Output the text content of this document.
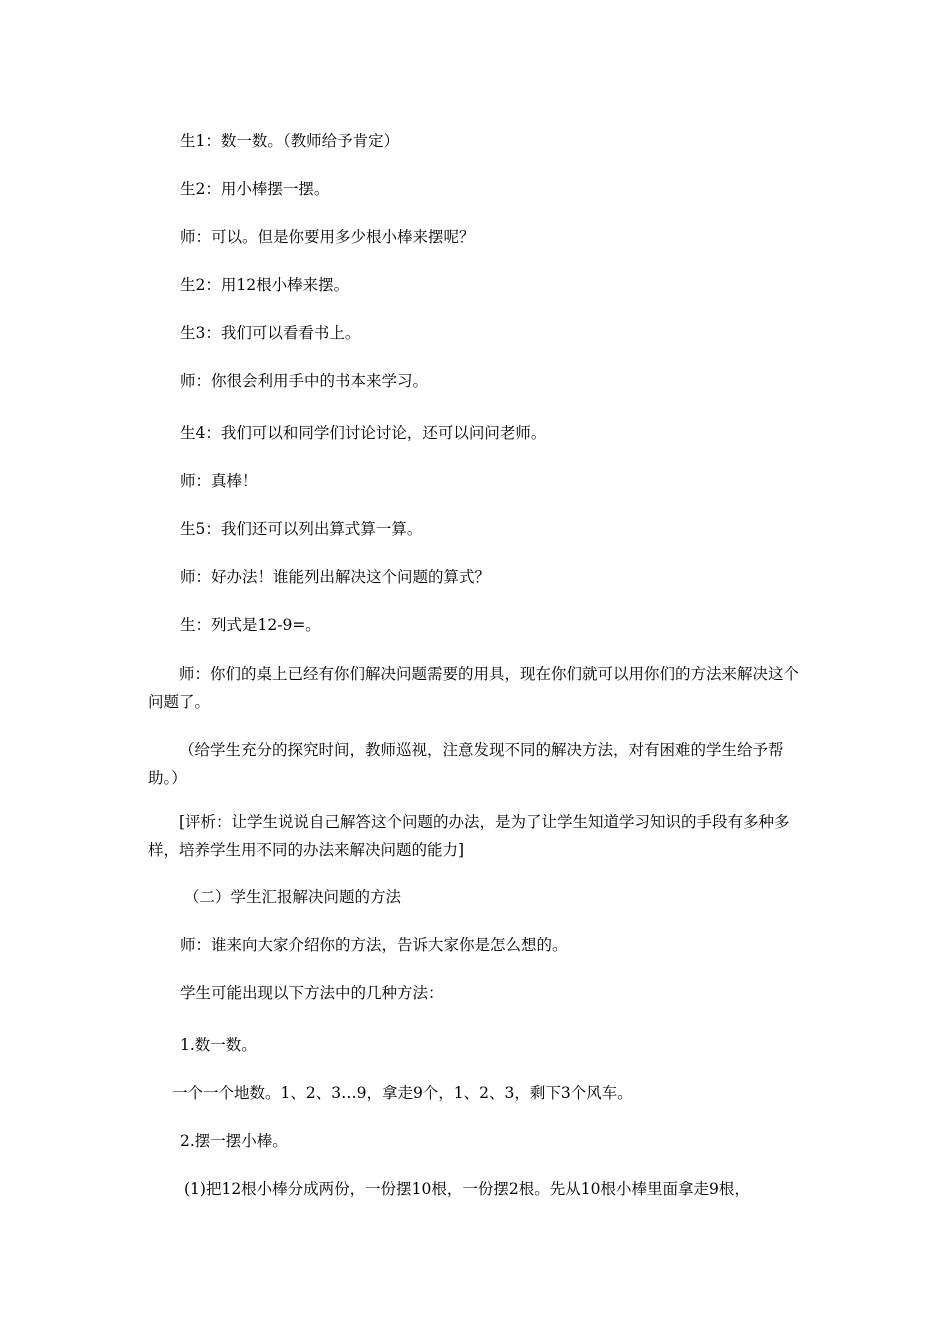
生1：数一数。（教师给予肯定）

生2：用小棒摆一摆。

师：可以。但是你要用多少根小棒来摆呢？

生2：用12根小棒来摆。

生3：我们可以看看书上。

师：你很会利用手中的书本来学习。

生4：我们可以和同学们讨论讨论，还可以问问老师。

师：真棒！

生5：我们还可以列出算式算一算。

师：好办法！谁能列出解决这个问题的算式？

生：列式是12-9=。

师：你们的桌上已经有你们解决问题需要的用具，现在你们就可以用你们的方法来解决这个问题了。

（给学生充分的探究时间，教师巡视，注意发现不同的解决方法，对有困难的学生给予帮助。）

[评析：让学生说说自己解答这个问题的办法，是为了让学生知道学习知识的手段有多种多样，培养学生用不同的办法来解决问题的能力]

（二）学生汇报解决问题的方法

师：谁来向大家介绍你的方法，告诉大家你是怎么想的。

学生可能出现以下方法中的几种方法：

1.数一数。

一个一个地数。1、2、3…9，拿走9个，1、2、3，剩下3个风车。

2.摆一摆小棒。

(1)把12根小棒分成两份，一份摆10根，一份摆2根。先从10根小棒里面拿走9根，
